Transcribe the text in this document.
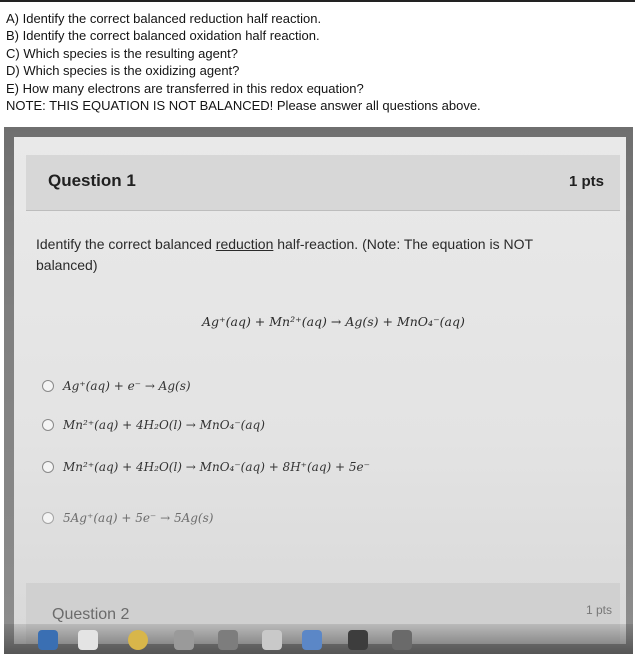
A) Identify the correct balanced reduction half reaction.

B) Identify the correct balanced oxidation half reaction.

C) Which species is the resulting agent?

D) Which species is the oxidizing agent?

E) How many electrons are transferred in this redox equation?

NOTE: THIS EQUATION IS NOT BALANCED! Please answer all questions above.

Question 1	1 pts
Identify the correct balanced reduction half-reaction. (Note: The equation is NOT balanced)
Ag⁺(aq) + Mn²⁺(aq) → Ag(s) + MnO₄⁻(aq)
Ag⁺(aq) + e⁻ → Ag(s)
Mn²⁺(aq) + 4H₂O(l) → MnO₄⁻(aq)
Mn²⁺(aq) + 4H₂O(l) → MnO₄⁻(aq) + 8H⁺(aq) + 5e⁻
5Ag⁺(aq) + 5e⁻ → 5Ag(s)
Question 2	1 pts
